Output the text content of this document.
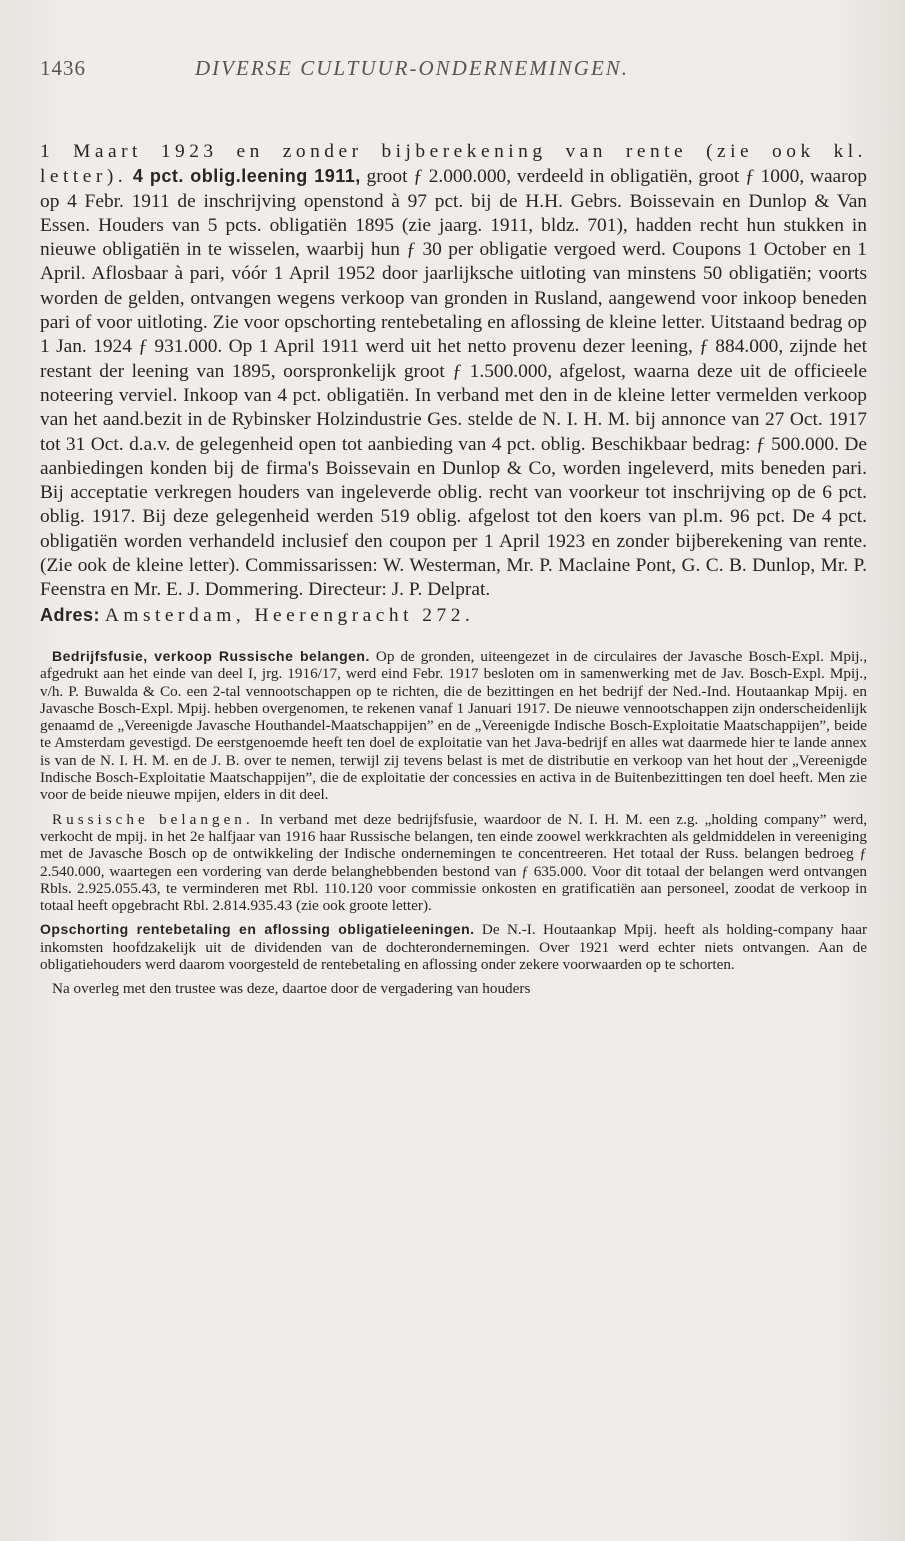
1436	DIVERSE CULTUUR-ONDERNEMINGEN.

1 Maart 1923 en zonder bijberekening van rente (zie ook kl. letter). 4 pct. oblig.leening 1911, groot ƒ 2.000.000, verdeeld in obligatiën, groot ƒ 1000, waarop op 4 Febr. 1911 de inschrijving openstond à 97 pct. bij de H.H. Gebrs. Boissevain en Dunlop & Van Essen. Houders van 5 pcts. obligatiën 1895 (zie jaarg. 1911, bldz. 701), hadden recht hun stukken in nieuwe obligatiën in te wisselen, waarbij hun ƒ 30 per obligatie vergoed werd. Coupons 1 October en 1 April. Aflosbaar à pari, vóór 1 April 1952 door jaarlijksche uitloting van minstens 50 obligatiën; voorts worden de gelden, ontvangen wegens verkoop van gronden in Rusland, aangewend voor inkoop beneden pari of voor uitloting. Zie voor opschorting rentebetaling en aflossing de kleine letter. Uitstaand bedrag op 1 Jan. 1924 ƒ 931.000. Op 1 April 1911 werd uit het netto provenu dezer leening, ƒ 884.000, zijnde het restant der leening van 1895, oorspronkelijk groot ƒ 1.500.000, afgelost, waarna deze uit de officieele noteering verviel. Inkoop van 4 pct. obligatiën. In verband met den in de kleine letter vermelden verkoop van het aand.bezit in de Rybinsker Holzindustrie Ges. stelde de N. I. H. M. bij annonce van 27 Oct. 1917 tot 31 Oct. d.a.v. de gelegenheid open tot aanbieding van 4 pct. oblig. Beschikbaar bedrag: ƒ 500.000. De aanbiedingen konden bij de firma's Boissevain en Dunlop & Co, worden ingeleverd, mits beneden pari. Bij acceptatie verkregen houders van ingeleverde oblig. recht van voorkeur tot inschrijving op de 6 pct. oblig. 1917. Bij deze gelegenheid werden 519 oblig. afgelost tot den koers van pl.m. 96 pct. De 4 pct. obligatiën worden verhandeld inclusief den coupon per 1 April 1923 en zonder bijberekening van rente. (Zie ook de kleine letter). Commissarissen: W. Westerman, Mr. P. Maclaine Pont, G. C. B. Dunlop, Mr. P. Feenstra en Mr. E. J. Dommering. Directeur: J. P. Delprat.

Adres: Amsterdam, Heerengracht 272.

Bedrijfsfusie, verkoop Russische belangen. Op de gronden, uiteengezet in de circulaires der Javasche Bosch-Expl. Mpij., afgedrukt aan het einde van deel I, jrg. 1916/17, werd eind Febr. 1917 besloten om in samenwerking met de Jav. Bosch-Expl. Mpij., v/h. P. Buwalda & Co. een 2-tal vennootschappen op te richten, die de bezittingen en het bedrijf der Ned.-Ind. Houtaankap Mpij. en Javasche Bosch-Expl. Mpij. hebben overgenomen, te rekenen vanaf 1 Januari 1917. De nieuwe vennootschappen zijn onderscheidenlijk genaamd de „Vereenigde Javasche Houthandel-Maatschappijen” en de „Vereenigde Indische Bosch-Exploitatie Maatschappijen”, beide te Amsterdam gevestigd. De eerstgenoemde heeft ten doel de exploitatie van het Java-bedrijf en alles wat daarmede hier te lande annex is van de N. I. H. M. en de J. B. over te nemen, terwijl zij tevens belast is met de distributie en verkoop van het hout der „Vereenigde Indische Bosch-Exploitatie Maatschappijen”, die de exploitatie der concessies en activa in de Buitenbezittingen ten doel heeft. Men zie voor de beide nieuwe mpijen, elders in dit deel.

Russische belangen. In verband met deze bedrijfsfusie, waardoor de N. I. H. M. een z.g. „holding company” werd, verkocht de mpij. in het 2e halfjaar van 1916 haar Russische belangen, ten einde zoowel werkkrachten als geldmiddelen in vereeniging met de Javasche Bosch op de ontwikkeling der Indische ondernemingen te concentreeren. Het totaal der Russ. belangen bedroeg ƒ 2.540.000, waartegen een vordering van derde belanghebbenden bestond van ƒ 635.000. Voor dit totaal der belangen werd ontvangen Rbls. 2.925.055.43, te verminderen met Rbl. 110.120 voor commissie onkosten en gratificatiën aan personeel, zoodat de verkoop in totaal heeft opgebracht Rbl. 2.814.935.43 (zie ook groote letter).

Opschorting rentebetaling en aflossing obligatieleeningen. De N.-I. Houtaankap Mpij. heeft als holding-company haar inkomsten hoofdzakelijk uit de dividenden van de dochterondernemingen. Over 1921 werd echter niets ontvangen. Aan de obligatiehouders werd daarom voorgesteld de rentebetaling en aflossing onder zekere voorwaarden op te schorten.

Na overleg met den trustee was deze, daartoe door de vergadering van houders
